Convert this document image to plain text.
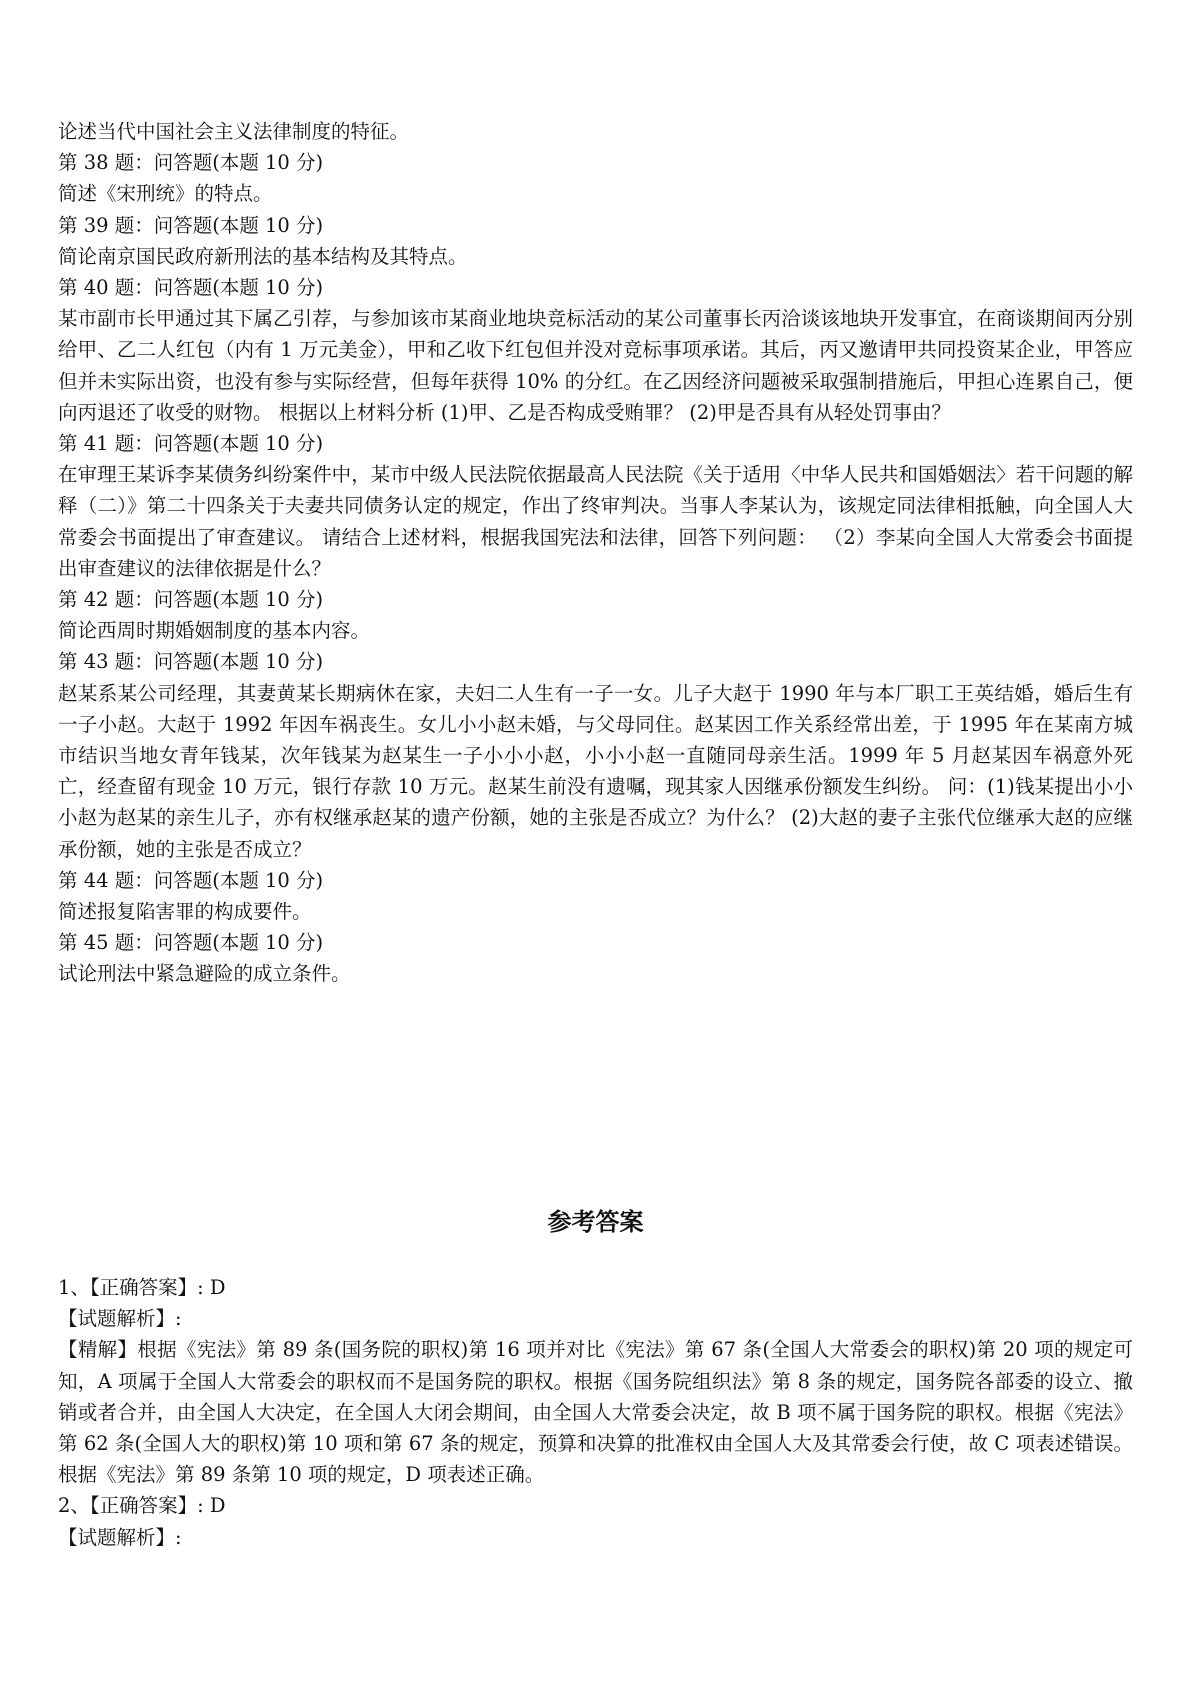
论述当代中国社会主义法律制度的特征。

第 38 题：问答题(本题 10 分)

简述《宋刑统》的特点。

第 39 题：问答题(本题 10 分)

简论南京国民政府新刑法的基本结构及其特点。

第 40 题：问答题(本题 10 分)

某市副市长甲通过其下属乙引荐，与参加该市某商业地块竞标活动的某公司董事长丙洽谈该地块开发事宜，在商谈期间丙分别给甲、乙二人红包（内有 1 万元美金），甲和乙收下红包但并没对竞标事项承诺。其后，丙又邀请甲共同投资某企业，甲答应但并未实际出资，也没有参与实际经营，但每年获得 10% 的分红。在乙因经济问题被采取强制措施后，甲担心连累自己，便向丙退还了收受的财物。 根据以上材料分析 (1)甲、乙是否构成受贿罪？ (2)甲是否具有从轻处罚事由？

第 41 题：问答题(本题 10 分)

在审理王某诉李某债务纠纷案件中，某市中级人民法院依据最高人民法院《关于适用〈中华人民共和国婚姻法〉若干问题的解释（二）》第二十四条关于夫妻共同债务认定的规定，作出了终审判决。当事人李某认为，该规定同法律相抵触，向全国人大常委会书面提出了审查建议。 请结合上述材料，根据我国宪法和法律，回答下列问题： （2）李某向全国人大常委会书面提出审查建议的法律依据是什么？

第 42 题：问答题(本题 10 分)

简论西周时期婚姻制度的基本内容。

第 43 题：问答题(本题 10 分)

赵某系某公司经理，其妻黄某长期病休在家，夫妇二人生有一子一女。儿子大赵于 1990 年与本厂职工王英结婚，婚后生有一子小赵。大赵于 1992 年因车祸丧生。女儿小小赵未婚，与父母同住。赵某因工作关系经常出差，于 1995 年在某南方城市结识当地女青年钱某，次年钱某为赵某生一子小小小赵，小小小赵一直随同母亲生活。1999 年 5 月赵某因车祸意外死亡，经查留有现金 10 万元，银行存款 10 万元。赵某生前没有遗嘱，现其家人因继承份额发生纠纷。 问：(1)钱某提出小小小赵为赵某的亲生儿子，亦有权继承赵某的遗产份额，她的主张是否成立？为什么？ (2)大赵的妻子主张代位继承大赵的应继承份额，她的主张是否成立？

第 44 题：问答题(本题 10 分)

简述报复陷害罪的构成要件。

第 45 题：问答题(本题 10 分)

试论刑法中紧急避险的成立条件。

参考答案

1、【正确答案】: D

【试题解析】:

【精解】根据《宪法》第 89 条(国务院的职权)第 16 项并对比《宪法》第 67 条(全国人大常委会的职权)第 20 项的规定可知，A 项属于全国人大常委会的职权而不是国务院的职权。根据《国务院组织法》第 8 条的规定，国务院各部委的设立、撤销或者合并，由全国人大决定，在全国人大闭会期间，由全国人大常委会决定，故 B 项不属于国务院的职权。根据《宪法》第 62 条(全国人大的职权)第 10 项和第 67 条的规定，预算和决算的批准权由全国人大及其常委会行使，故 C 项表述错误。根据《宪法》第 89 条第 10 项的规定，D 项表述正确。

2、【正确答案】: D

【试题解析】:
